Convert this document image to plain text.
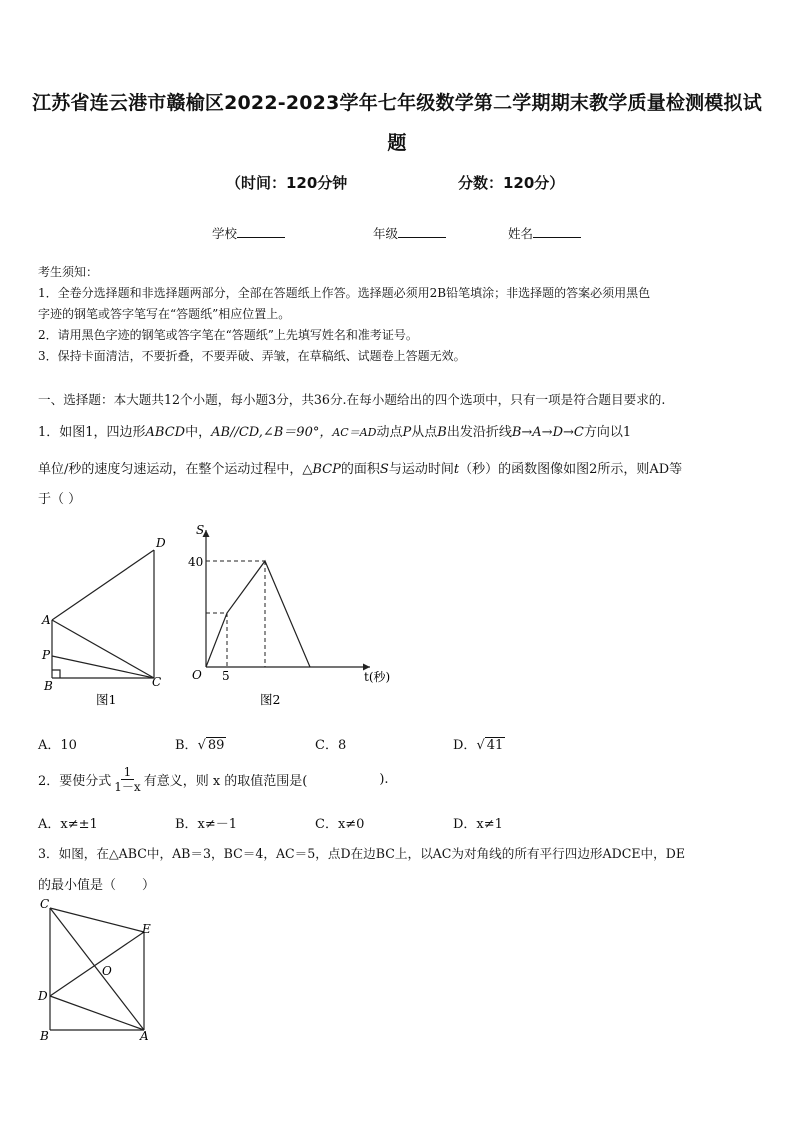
江苏省连云港市赣榆区2022-2023学年七年级数学第二学期期末教学质量检测模拟试
题
（时间：120分钟	分数：120分）
学校	年级	姓名
考生须知：
1．全卷分选择题和非选择题两部分，全部在答题纸上作答。选择题必须用2B铅笔填涂；非选择题的答案必须用黑色
字迹的钢笔或答字笔写在“答题纸”相应位置上。
2．请用黑色字迹的钢笔或答字笔在“答题纸”上先填写姓名和准考证号。
3．保持卡面清洁，不要折叠，不要弄破、弄皱，在草稿纸、试题卷上答题无效。
一、选择题：本大题共12个小题，每小题3分，共36分.在每小题给出的四个选项中，只有一项是符合题目要求的.
1．如图1，四边形ABCD中，AB//CD,∠B＝90°，AC＝AD动点P从点B出发沿折线B→A→D→C方向以1
单位/秒的速度匀速运动，在整个运动过程中，△BCP的面积S与运动时间t（秒）的函数图像如图2所示，则AD等
于（ ）
D
A
P
B	C
图1
S
40
O 5	t(秒)
图2
A．10	B．√ 89	C．8	D．√ 41
2．要使分式 $\frac{1}{1-x}$ 有意义，则 x 的取值范围是(	).
A．x≠±1	B．x≠－1	C．x≠0	D．x≠1
3．如图，在△ABC中，AB＝3，BC＝4，AC＝5，点D在边BC上，以AC为对角线的所有平行四边形ADCE中，DE
的最小值是（　　）
C
E
O
D
B	A
